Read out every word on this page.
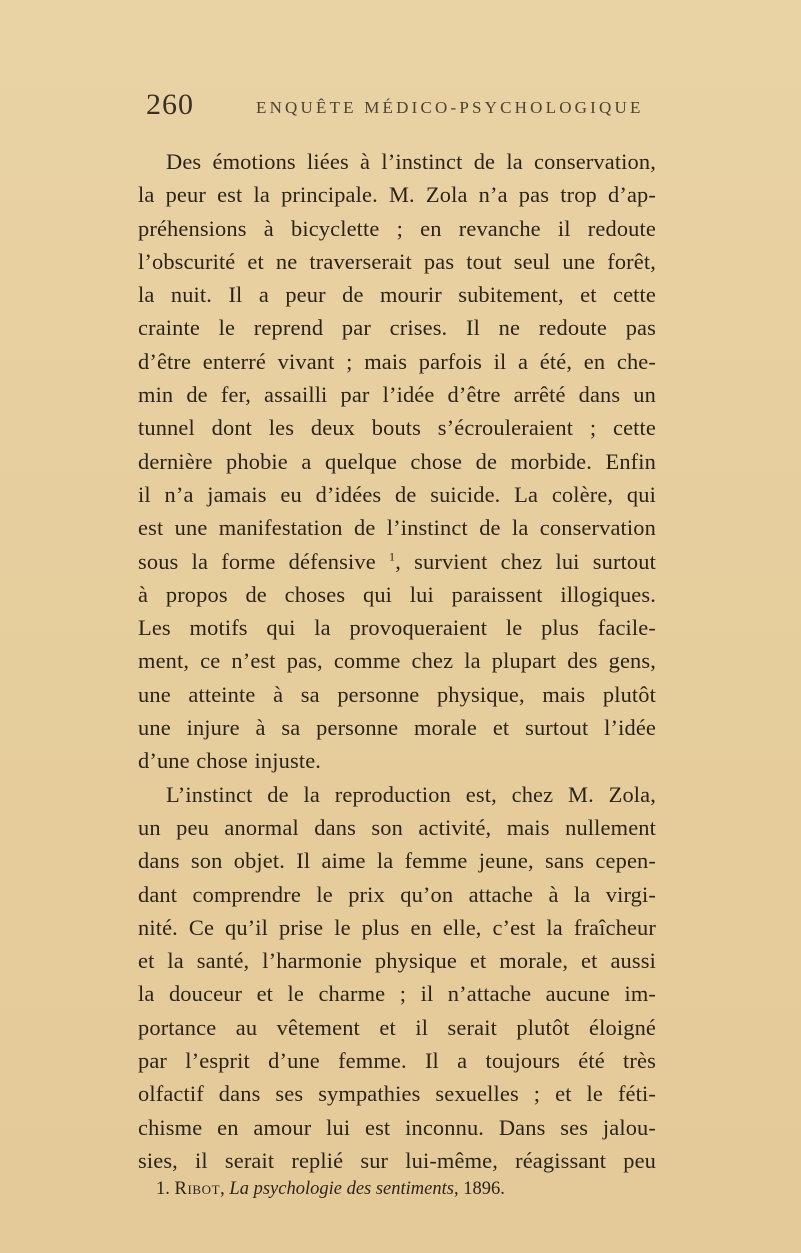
260	ENQUÊTE MÉDICO-PSYCHOLOGIQUE
Des émotions liées à l’instinct de la conservation,
la peur est la principale. M. Zola n’a pas trop d’ap-
préhensions à bicyclette ; en revanche il redoute
l’obscurité et ne traverserait pas tout seul une forêt,
la nuit. Il a peur de mourir subitement, et cette
crainte le reprend par crises. Il ne redoute pas
d’être enterré vivant ; mais parfois il a été, en che-
min de fer, assailli par l’idée d’être arrêté dans un
tunnel dont les deux bouts s’écrouleraient ; cette
dernière phobie a quelque chose de morbide. Enfin
il n’a jamais eu d’idées de suicide. La colère, qui
est une manifestation de l’instinct de la conservation
sous la forme défensive $^1$, survient chez lui surtout
à propos de choses qui lui paraissent illogiques.
Les motifs qui la provoqueraient le plus facile-
ment, ce n’est pas, comme chez la plupart des gens,
une atteinte à sa personne physique, mais plutôt
une injure à sa personne morale et surtout l’idée
d’une chose injuste.
L’instinct de la reproduction est, chez M. Zola,
un peu anormal dans son activité, mais nullement
dans son objet. Il aime la femme jeune, sans cepen-
dant comprendre le prix qu’on attache à la virgi-
nité. Ce qu’il prise le plus en elle, c’est la fraîcheur
et la santé, l’harmonie physique et morale, et aussi
la douceur et le charme ; il n’attache aucune im-
portance au vêtement et il serait plutôt éloigné
par l’esprit d’une femme. Il a toujours été très
olfactif dans ses sympathies sexuelles ; et le féti-
chisme en amour lui est inconnu. Dans ses jalou-
sies, il serait replié sur lui-même, réagissant peu
1. Ribot, La psychologie des sentiments, 1896.
